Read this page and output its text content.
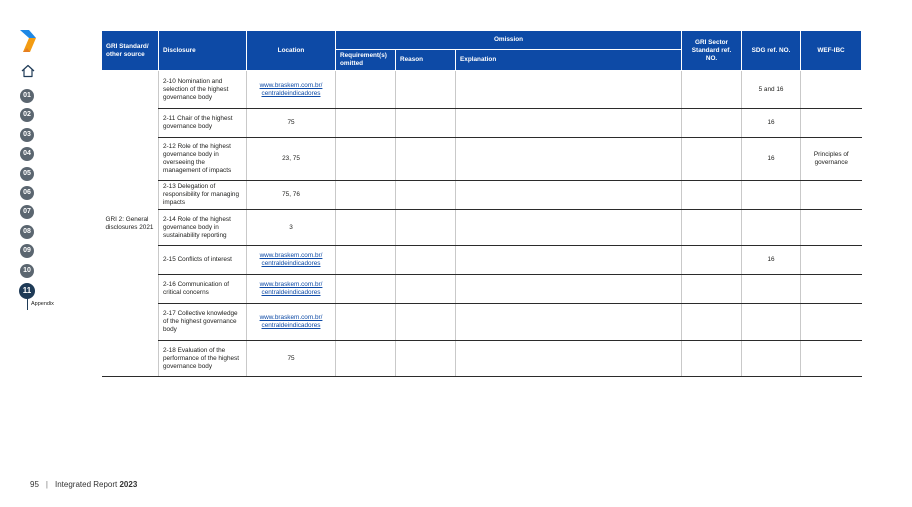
01
02
03
04
05
06
07
08
09
10
11
Appendix
GRI Standard/ other source	Disclosure	Location	Omission			GRI Sector Standard ref. NO.	SDG ref. NO.	WEF-IBC
			Requirement(s) omitted	Reason	Explanation			
GRI 2: General disclosures 2021	2-10 Nomination and selection of the highest governance body	www.braskem.com.br/ centraldeindicadores					5 and 16	
	2-11 Chair of the highest governance body	75					16	
	2-12 Role of the highest governance body in overseeing the management of impacts	23, 75					16	Principles of governance
	2-13 Delegation of responsibility for managing impacts	75, 76						
	2-14 Role of the highest governance body in sustainability reporting	3						
	2-15 Conflicts of interest	www.braskem.com.br/ centraldeindicadores					16	
	2-16 Communication of critical concerns	www.braskem.com.br/ centraldeindicadores						

	2-17 Collective knowledge of the highest governance body	www.braskem.com.br/ centraldeindicadores						

	2-18 Evaluation of the performance of the highest governance body	75						
95 | Integrated Report 2023
